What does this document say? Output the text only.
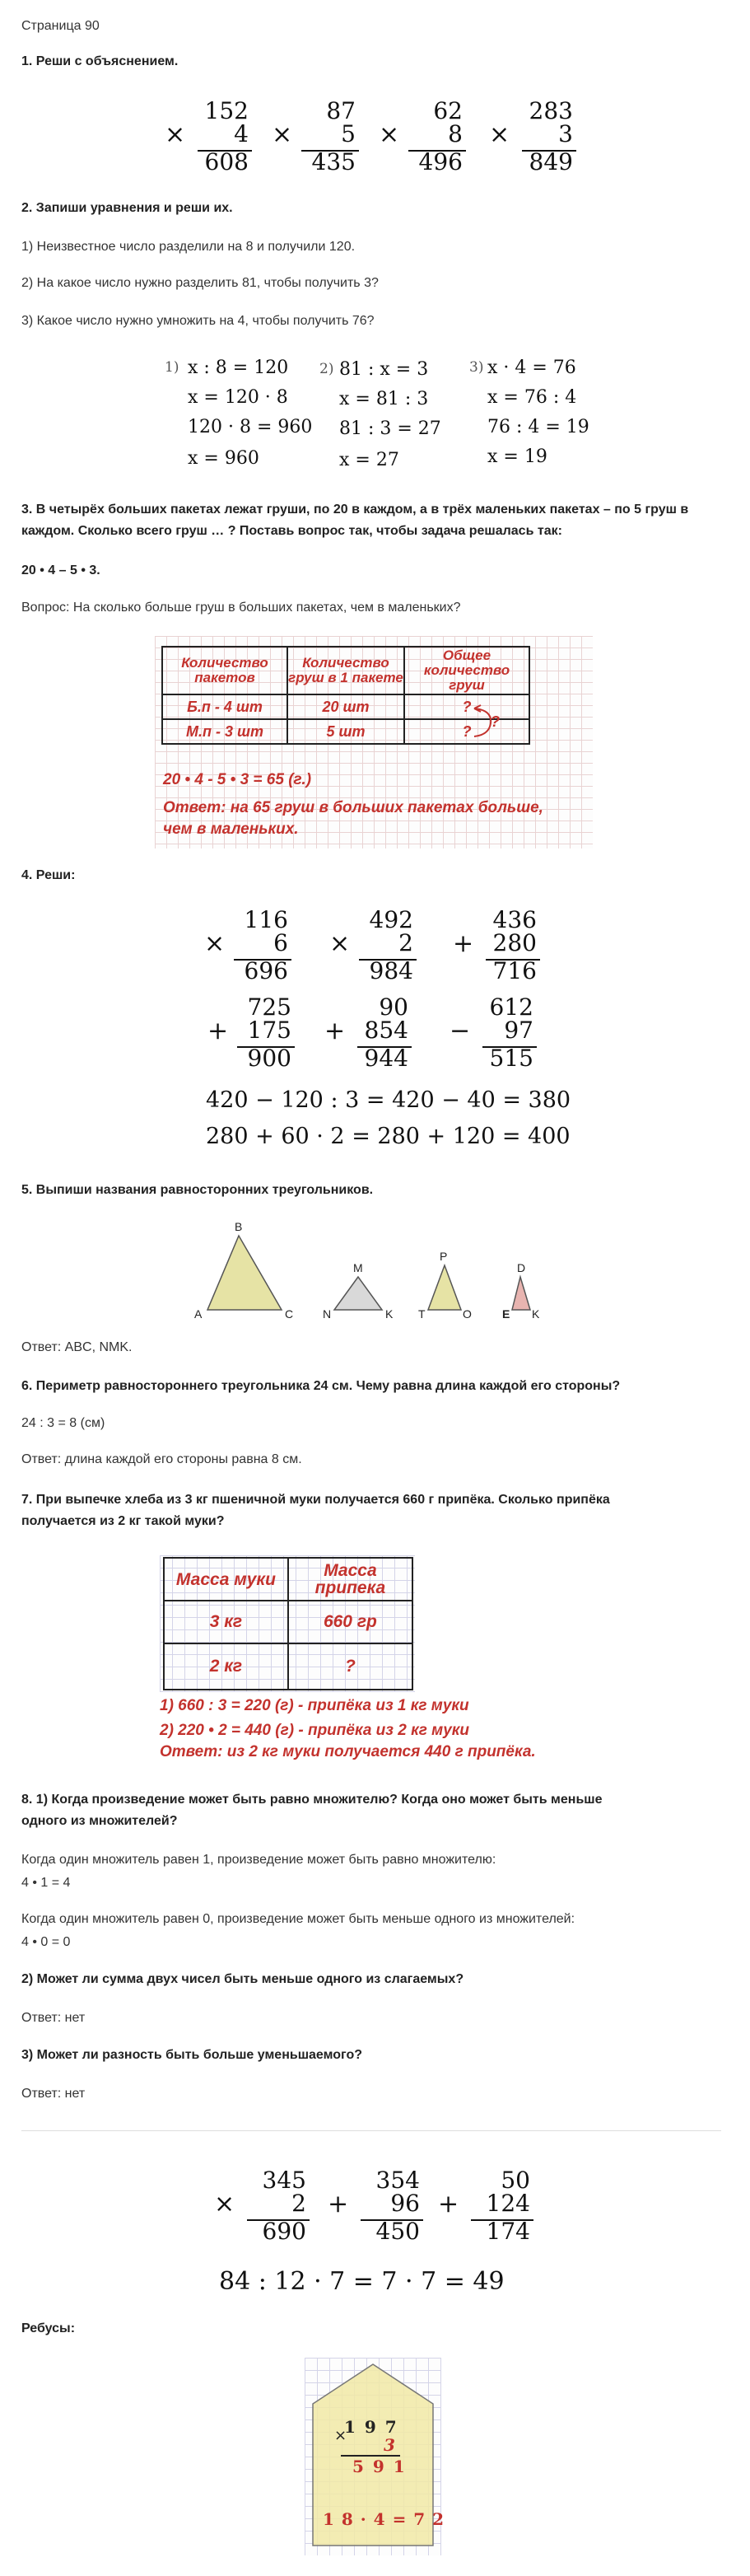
Страница 90
1. Реши с объяснением.
×
152
4
608
×
87
5
435
×
62
8
496
×
283
3
849
2. Запиши уравнения и реши их.
1) Неизвестное число разделили на 8 и получили 120.
2) На какое число нужно разделить 81, чтобы получить 3?
3) Какое число нужно умножить на 4, чтобы получить 76?
1) x : 8 = 120
x = 120 · 8
120 · 8 = 960
x = 960
2) 81 : x = 3
x = 81 : 3
81 : 3 = 27
x = 27
3) x · 4 = 76
x = 76 : 4
76 : 4 = 19
x = 19
3. В четырёх больших пакетах лежат груши, по 20 в каждом, а в трёх маленьких пакетах – по 5 груш в каждом. Сколько всего груш … ? Поставь вопрос так, чтобы задача решалась так:
20 • 4 – 5 • 3.
Вопрос: На сколько больше груш в больших пакетах, чем в маленьких?
Количество пакетов	Количество груш в 1 пакете	Общее количество груш
Б.п - 4 шт	20 шт	?
М.п - 3 шт	5 шт	?
?
20 • 4 - 5 • 3 = 65 (г.)
Ответ: на 65 груш в больших пакетах больше,
чем в маленьких.
4. Реши:
×
116
6
696
×
492
2
984
+
436
280
716
+
725
175
900
+
90
854
944
−
612
97
515
420 − 120 : 3 = 420 − 40 = 380
280 + 60 · 2 = 280 + 120 = 400
5. Выпиши названия равносторонних треугольников.
B
A	C
M
N	K
P
T	O
D
E K
Ответ: ABC, NMK.
6. Периметр равностороннего треугольника 24 см. Чему равна длина каждой его стороны?
24 : 3 = 8 (см)
Ответ: длина каждой его стороны равна 8 см.
7. При выпечке хлеба из 3 кг пшеничной муки получается 660 г припёка. Сколько припёка
получается из 2 кг такой муки?
Масса муки	Масса припека
3 кг	660 гр
2 кг	?
1) 660 : 3 = 220 (г) - припёка из 1 кг муки
2) 220 • 2 = 440 (г) - припёка из 2 кг муки
Ответ: из 2 кг муки получается 440 г припёка.
8. 1) Когда произведение может быть равно множителю? Когда оно может быть меньше
одного из множителей?
Когда один множитель равен 1, произведение может быть равно множителю:
4 • 1 = 4
Когда один множитель равен 0, произведение может быть меньше одного из множителей:
4 • 0 = 0
2) Может ли сумма двух чисел быть меньше одного из слагаемых?
Ответ: нет
3) Может ли разность быть больше уменьшаемого?
Ответ: нет
×
345
2
690
+
354
96
450
+
50
124
174
84 : 12 · 7 = 7 · 7 = 49
Ребусы:
1 9 7
× 3
5 9 1
1 8 · 4 = 7 2
